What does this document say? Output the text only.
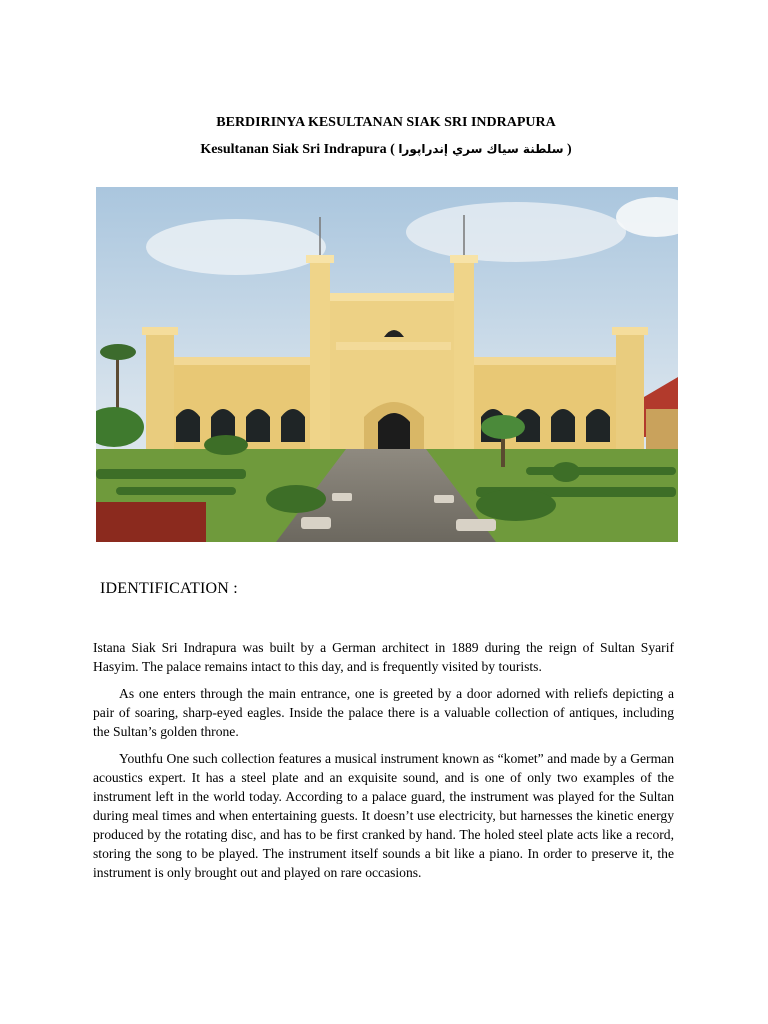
BERDIRINYA KESULTANAN SIAK SRI INDRAPURA
Kesultanan Siak Sri Indrapura ( سلطنة سياك سري إندراپورا )
IDENTIFICATION :

Istana Siak Sri Indrapura was built by a German architect in 1889 during the reign of Sultan Syarif Hasyim. The palace remains intact to this day, and is frequently visited by tourists.

As one enters through the main entrance, one is greeted by a door adorned with reliefs depicting a pair of soaring, sharp-eyed eagles. Inside the palace there is a valuable collection of antiques, including the Sultan’s golden throne.

Youthfu One such collection features a musical instrument known as “komet” and made by a German acoustics expert. It has a steel plate and an exquisite sound, and is one of only two examples of the instrument left in the world today. According to a palace guard, the instrument was played for the Sultan during meal times and when entertaining guests. It doesn’t use electricity, but harnesses the kinetic energy produced by the rotating disc, and has to be first cranked by hand. The holed steel plate acts like a record, storing the song to be played. The instrument itself sounds a bit like a piano. In order to preserve it, the instrument is only brought out and played on rare occasions.
